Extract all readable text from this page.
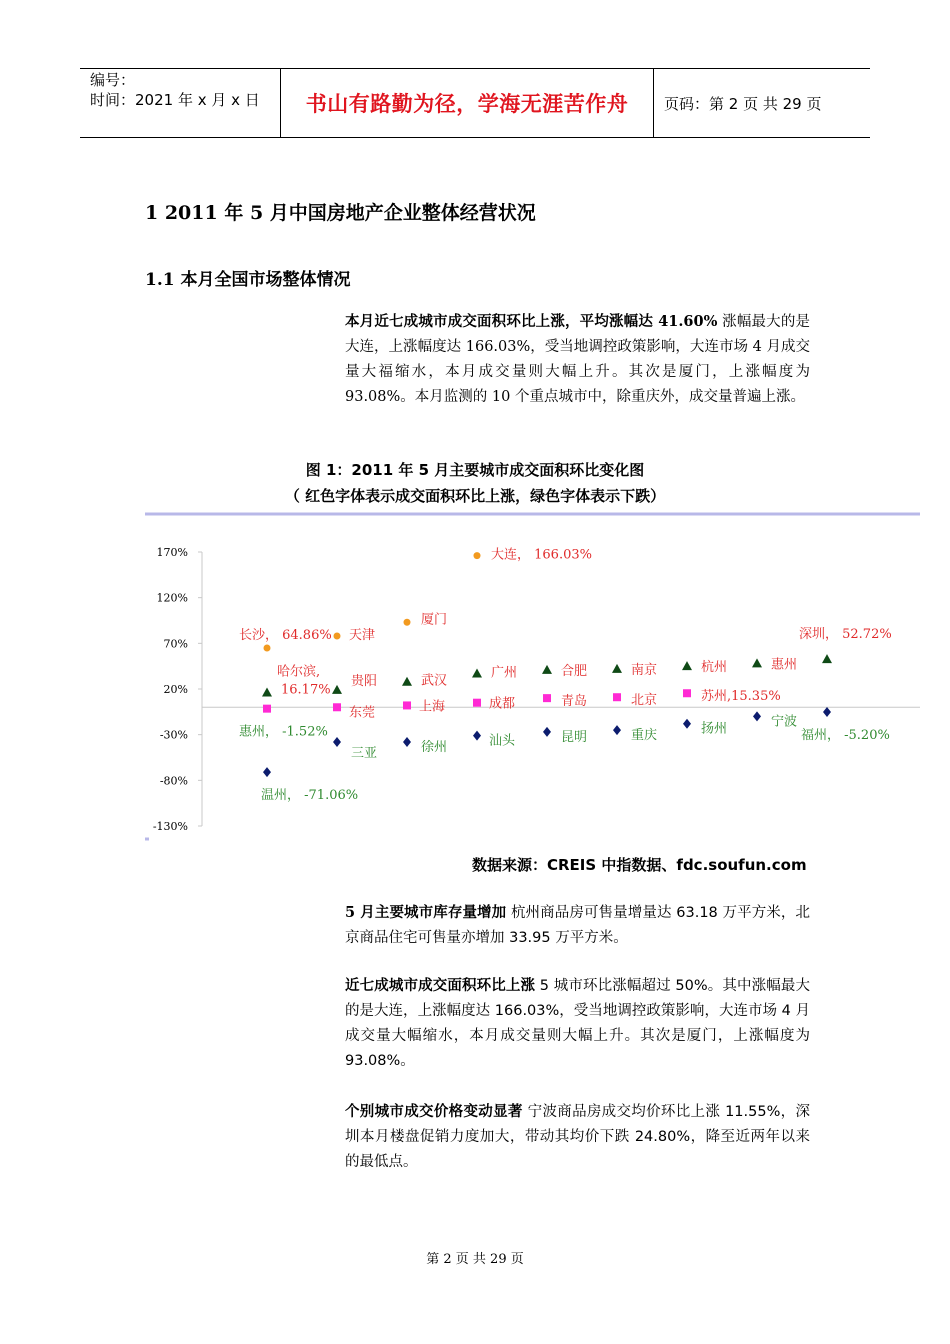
编号：
时间：2021 年 x 月 x 日 书山有路勤为径，学海无涯苦作舟 页码：第 2 页 共 29 页
1 2011 年 5 月中国房地产企业整体经营状况
1.1 本月全国市场整体情况
本月近七成城市成交面积环比上涨，平均涨幅达 41.60% 涨幅最大的是大连，上涨幅度达 166.03%，受当地调控政策影响，大连市场 4 月成交量大福缩水，本月成交量则大幅上升。其次是厦门，上涨幅度为 93.08%。本月监测的 10 个重点城市中，除重庆外，成交量普遍上涨。
图 1：2011 年 5 月主要城市成交面积环比变化图
（ 红色字体表示成交面积环比上涨，绿色字体表示下跌）
170%
120%
70%
20%
-30%
-80%
-130%
长沙， 64.86% 天津
厦门
大连， 166.03%
哈尔滨, 16.17%
贵阳	武汉
广州	合肥	南京	杭州	惠州
深圳， 52.72%
惠州， -1.52%
东莞	上海	成都	青岛	北京	苏州,15.35%
温州， -71.06%
三亚	徐州	汕头	昆明	重庆	扬州	宁波
福州， -5.20%
数据来源：CREIS 中指数据、fdc.soufun.com
5 月主要城市库存量增加 杭州商品房可售量增量达 63.18 万平方米，北京商品住宅可售量亦增加 33.95 万平方米。
近七成城市成交面积环比上涨 5 城市环比涨幅超过 50%。其中涨幅最大的是大连，上涨幅度达 166.03%，受当地调控政策影响，大连市场 4 月成交量大幅缩水，本月成交量则大幅上升。其次是厦门，上涨幅度为 93.08%。
个别城市成交价格变动显著 宁波商品房成交均价环比上涨 11.55%，深圳本月楼盘促销力度加大，带动其均价下跌 24.80%，降至近两年以来的最低点。
第 2 页 共 29 页
